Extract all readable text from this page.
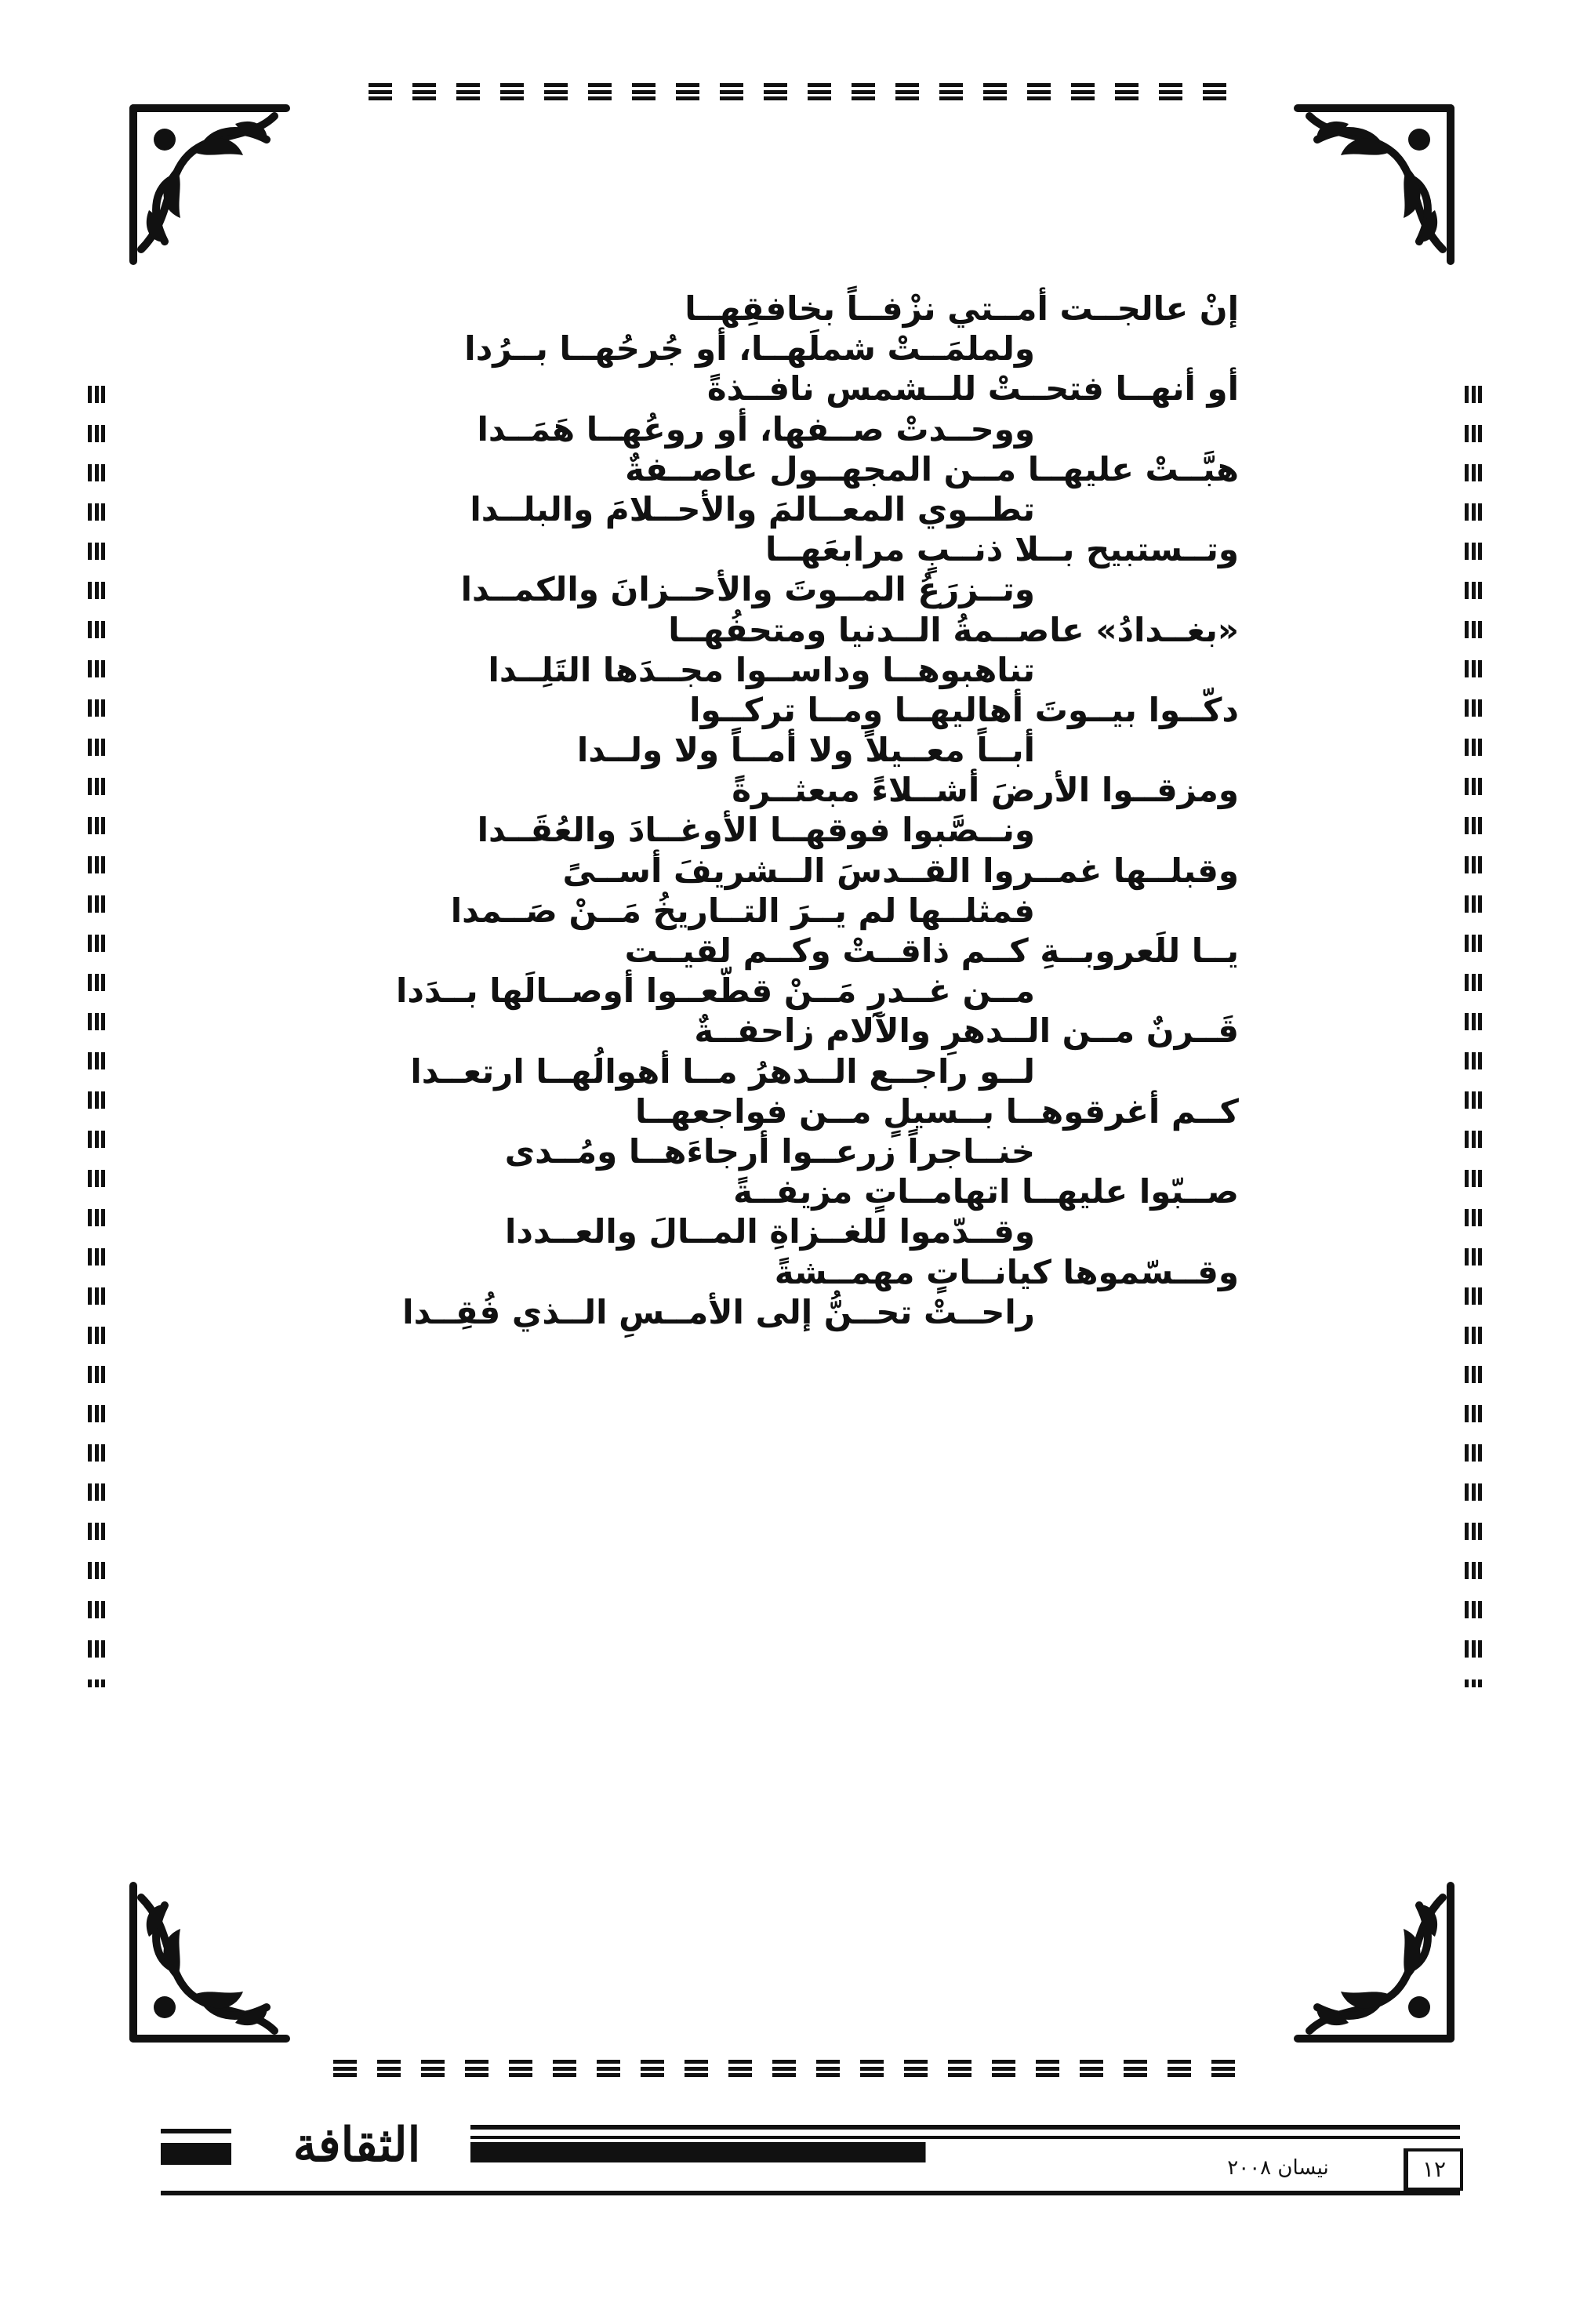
إنْ عالجــت أمــتي نزْفــاً بخافقِهــا
ولملمَــتْ شملَهــا، أو جُرحُهــا بــرُدا
أو أنهــا فتحــتْ للــشمس نافــذةً
ووحــدتْ صــفها، أو روعُهــا هَمَــدا
هبَّــتْ عليهــا مــن المجهــول عاصــفةٌ
تطــوي المعــالمَ والأحــلامَ والبلــدا
وتــستبيح بــلا ذنــبٍ مرابعَهــا
وتــزرَعُ المــوتَ والأحــزانَ والكمــدا
«بغــدادُ» عاصــمةُ الــدنيا ومتحفُهــا
تناهبوهــا وداســوا مجــدَها التَلِــدا
دكّــوا بيــوتَ أهاليهــا ومــا تركــوا
أبــاً معــيلاً ولا أمــاً ولا ولــدا
ومزقــوا الأرضَ أشــلاءً مبعثــرةً
ونــصَّبوا فوقهــا الأوغــادَ والعُقَــدا
وقبلــها غمــروا القــدسَ الــشريفَ أســىً
فمثلــها لم يــرَ التــاريخُ مَــنْ صَــمدا
يــا للَعروبــةِ كــم ذاقــتْ وكــم لقيــت
مــن غــدرِ مَــنْ قطّعــوا أوصــالَها بــدَدا
قَــرنٌ مــن الــدهرِ والآلام زاحفــةٌ
لــو راجــع الــدهرُ مــا أهوالُهــا ارتعــدا
كــم أغرقوهــا بــسيلٍ مــن فواجعهــا
خنــاجراً زرعــوا أرجاءَهــا ومُــدى
صــبّوا عليهــا اتهامــاتٍ مزيفــةً
وقــدّموا للغــزاةِ المــالَ والعــددا
وقــسّموها كيانــاتٍ مهمــشةً
راحــتْ تحــنُّ إلى الأمــسِ الــذي فُقِــدا
الثقافة	نيسان ٢٠٠٨	١٢
